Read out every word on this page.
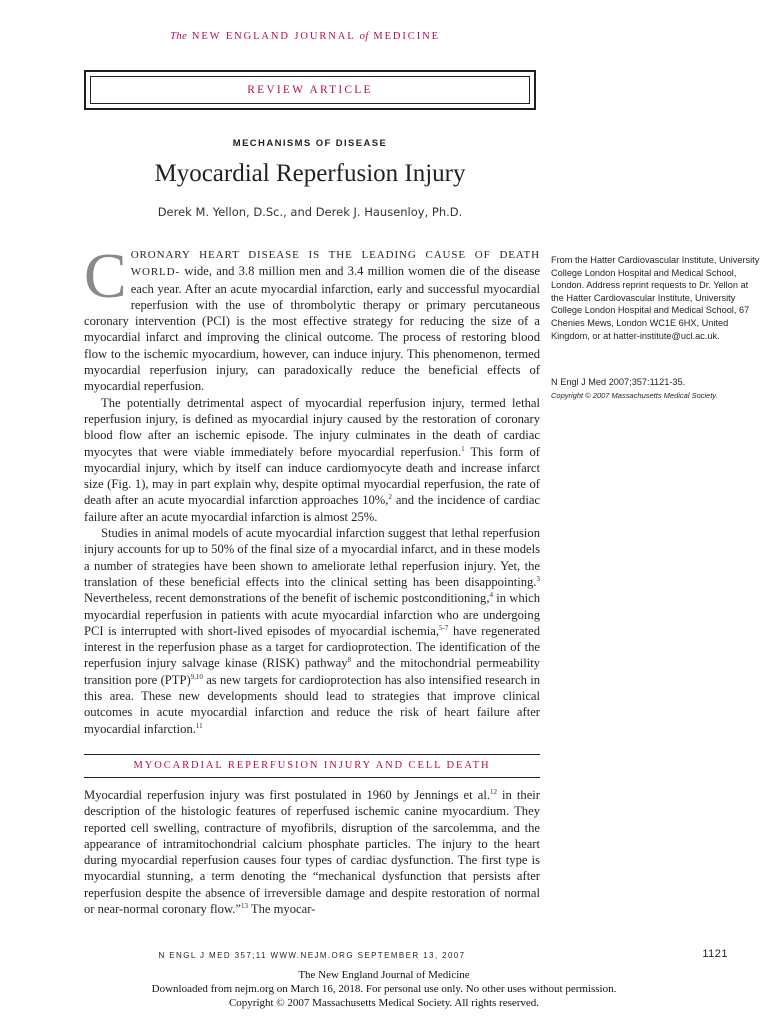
The NEW ENGLAND JOURNAL of MEDICINE
REVIEW ARTICLE
MECHANISMS OF DISEASE
Myocardial Reperfusion Injury
Derek M. Yellon, D.Sc., and Derek J. Hausenloy, Ph.D.

CORONARY HEART DISEASE IS THE LEADING CAUSE OF DEATH WORLD- wide, and 3.8 million men and 3.4 million women die of the disease each year. After an acute myocardial infarction, early and successful myocardial reperfusion with the use of thrombolytic therapy or primary percutaneous coronary intervention (PCI) is the most effective strategy for reducing the size of a myocardial infarct and improving the clinical outcome. The process of restoring blood flow to the ischemic myocardium, however, can induce injury. This phenomenon, termed myocardial reperfusion injury, can paradoxically reduce the beneficial effects of myocardial reperfusion.

The potentially detrimental aspect of myocardial reperfusion injury, termed lethal reperfusion injury, is defined as myocardial injury caused by the restoration of coronary blood flow after an ischemic episode. The injury culminates in the death of cardiac myocytes that were viable immediately before myocardial reperfusion.$^1$ This form of myocardial injury, which by itself can induce cardiomyocyte death and increase infarct size (Fig. 1), may in part explain why, despite optimal myocardial reperfusion, the rate of death after an acute myocardial infarction approaches 10%,$^2$ and the incidence of cardiac failure after an acute myocardial infarction is almost 25%.

Studies in animal models of acute myocardial infarction suggest that lethal reperfusion injury accounts for up to 50% of the final size of a myocardial infarct, and in these models a number of strategies have been shown to ameliorate lethal reperfusion injury. Yet, the translation of these beneficial effects into the clinical setting has been disappointing.$^3$ Nevertheless, recent demonstrations of the benefit of ischemic postconditioning,$^4$ in which myocardial reperfusion in patients with acute myocardial infarction who are undergoing PCI is interrupted with short-lived episodes of myocardial ischemia,$^{5-7}$ have regenerated interest in the reperfusion phase as a target for cardioprotection. The identification of the reperfusion injury salvage kinase (RISK) pathway$^8$ and the mitochondrial permeability transition pore (PTP)$^{9,10}$ as new targets for cardioprotection has also intensified research in this area. These new developments should lead to strategies that improve clinical outcomes in acute myocardial infarction and reduce the risk of heart failure after myocardial infarction.$^{11}$

MYOCARDIAL REPERFUSION INJURY AND CELL DEATH

Myocardial reperfusion injury was first postulated in 1960 by Jennings et al.$^{12}$ in their description of the histologic features of reperfused ischemic canine myocardium. They reported cell swelling, contracture of myofibrils, disruption of the sarcolemma, and the appearance of intramitochondrial calcium phosphate particles. The injury to the heart during myocardial reperfusion causes four types of cardiac dysfunction. The first type is myocardial stunning, a term denoting the “mechanical dysfunction that persists after reperfusion despite the absence of irreversible damage and despite restoration of normal or near-normal coronary flow.”$^{13}$ The myocar-

From the Hatter Cardiovascular Institute, University College London Hospital and Medical School, London. Address reprint requests to Dr. Yellon at the Hatter Cardiovascular Institute, University College London Hospital and Medical School, 67 Chenies Mews, London WC1E 6HX, United Kingdom, or at hatter-institute@ucl.ac.uk.
N Engl J Med 2007;357:1121-35.
Copyright © 2007 Massachusetts Medical Society.
N ENGL J MED 357;11 WWW.NEJM.ORG SEPTEMBER 13, 2007	1121
The New England Journal of Medicine
Downloaded from nejm.org on March 16, 2018. For personal use only. No other uses without permission.
Copyright © 2007 Massachusetts Medical Society. All rights reserved.
